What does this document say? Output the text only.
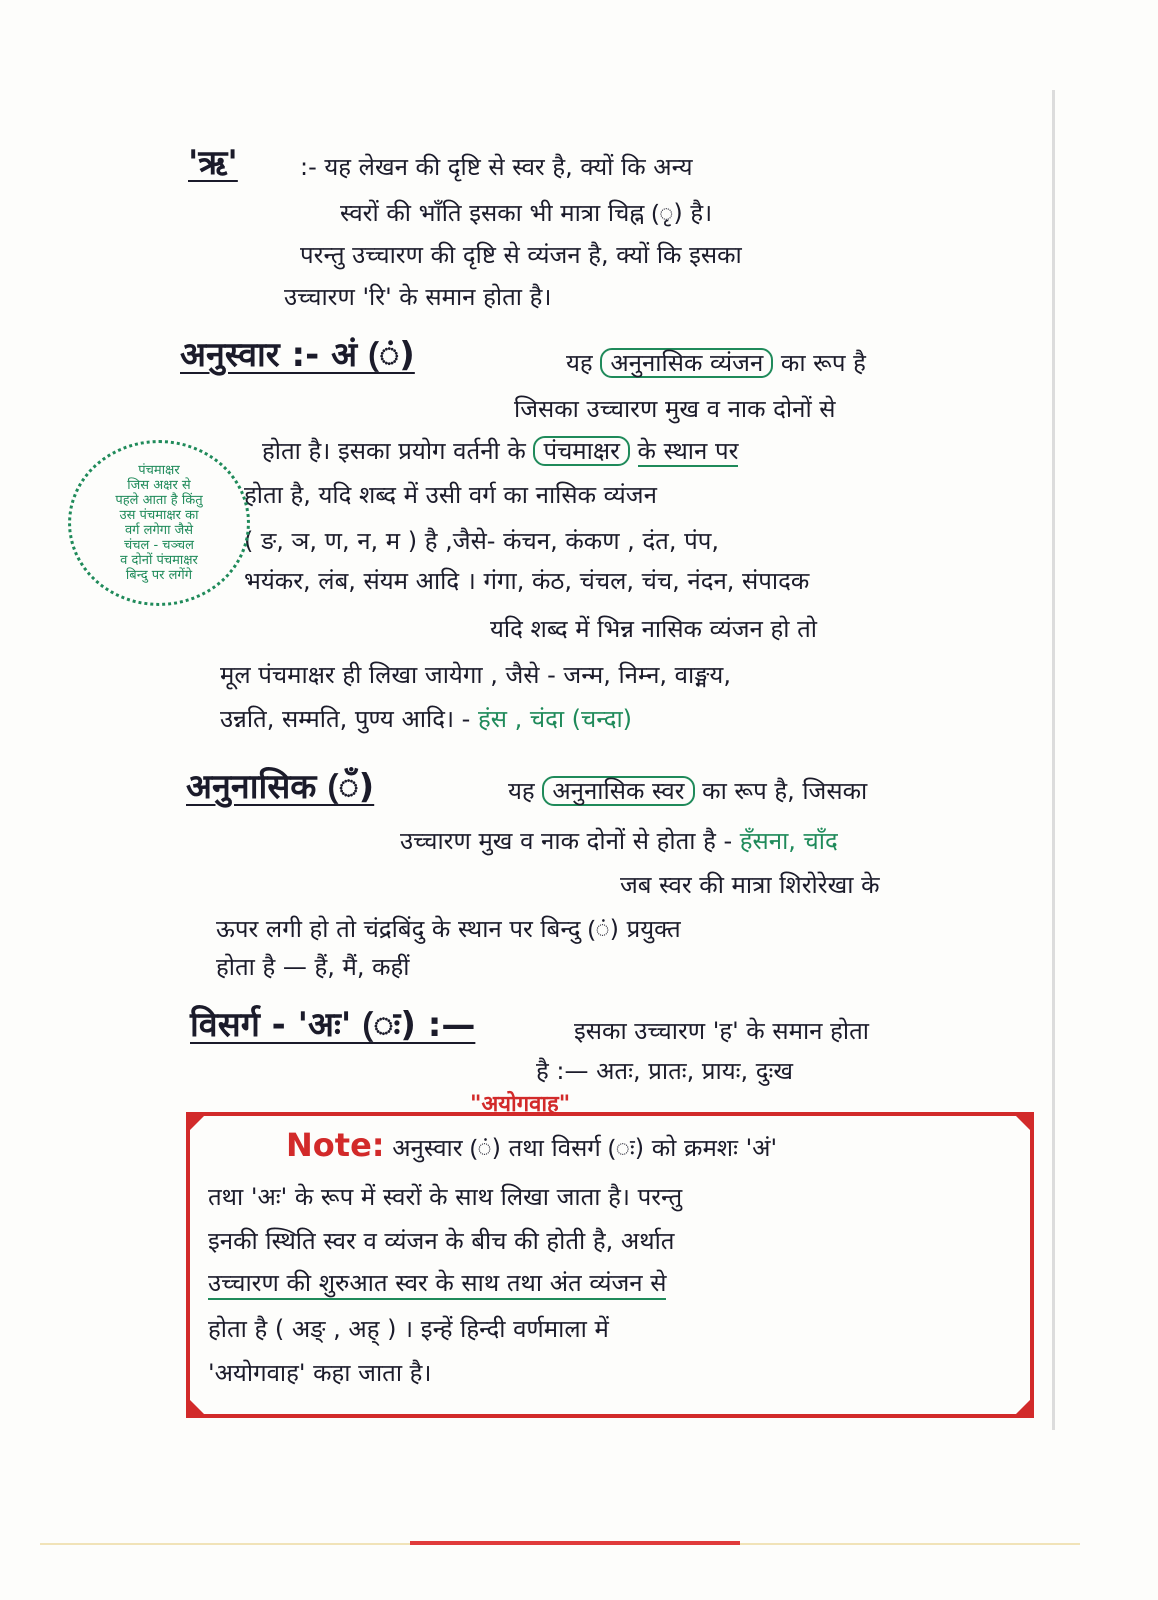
'ऋ'	:- यह लेखन की दृष्टि से स्वर है, क्यों कि अन्य
स्वरों की भाँति इसका भी मात्रा चिह्न (ृ) है।
परन्तु उच्चारण की दृष्टि से व्यंजन है, क्यों कि इसका
उच्चारण 'रि' के समान होता है।
अनुस्वार :- अं (ं)	यह अनुनासिक व्यंजन का रूप है
जिसका उच्चारण मुख व नाक दोनों से
होता है। इसका प्रयोग वर्तनी के पंचमाक्षर के स्थान पर
होता है, यदि शब्द में उसी वर्ग का नासिक व्यंजन
( ङ, ञ, ण, न, म ) है ,जैसे- कंचन, कंकण , दंत, पंप,
भयंकर, लंब, संयम आदि । गंगा, कंठ, चंचल, चंच, नंदन, संपादक
यदि शब्द में भिन्न नासिक व्यंजन हो तो
मूल पंचमाक्षर ही लिखा जायेगा , जैसे - जन्म, निम्न, वाङ्मय,
उन्नति, सम्मति, पुण्य आदि। - हंस , चंदा (चन्दा)
पंचमाक्षर
जिस अक्षर से
पहले आता है किंतु
उस पंचमाक्षर का
वर्ग लगेगा जैसे
चंचल - चञ्चल
व दोनों पंचमाक्षर
बिन्दु पर लगेंगे
अनुनासिक (ँ)	यह अनुनासिक स्वर का रूप है, जिसका
उच्चारण मुख व नाक दोनों से होता है - हँसना, चाँद
जब स्वर की मात्रा शिरोरेखा के
ऊपर लगी हो तो चंद्रबिंदु के स्थान पर बिन्दु (ं) प्रयुक्त
होता है — हैं, मैं, कहीं
विसर्ग - 'अः' (ः) :—	इसका उच्चारण 'ह' के समान होता
है :— अतः, प्रातः, प्रायः, दुःख
"अयोगवाह"
Note: अनुस्वार (ं) तथा विसर्ग (ः) को क्रमशः 'अं'
तथा 'अः' के रूप में स्वरों के साथ लिखा जाता है। परन्तु
इनकी स्थिति स्वर व व्यंजन के बीच की होती है, अर्थात
उच्चारण की शुरुआत स्वर के साथ तथा अंत व्यंजन से
होता है ( अङ् , अह् ) । इन्हें हिन्दी वर्णमाला में
'अयोगवाह' कहा जाता है।
